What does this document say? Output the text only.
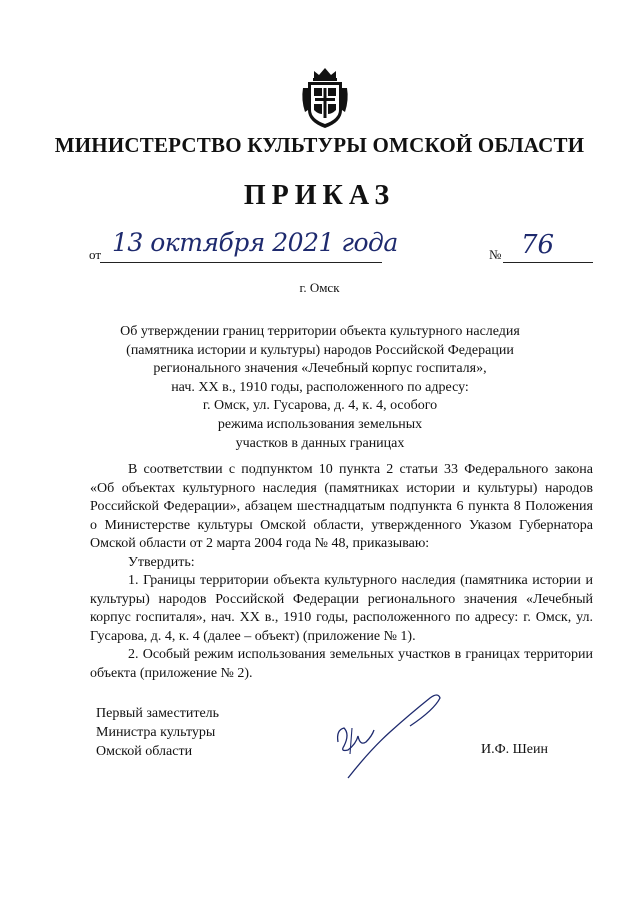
МИНИСТЕРСТВО КУЛЬТУРЫ ОМСКОЙ ОБЛАСТИ
ПРИКАЗ
от 13 октября 2021 года	№ 76
г. Омск
Об утверждении границ территории объекта культурного наследия
(памятника истории и культуры) народов Российской Федерации
регионального значения «Лечебный корпус госпиталя»,
нач. XX в., 1910 годы, расположенного по адресу:
г. Омск, ул. Гусарова, д. 4, к. 4, особого
режима использования земельных
участков в данных границах

В соответствии с подпунктом 10 пункта 2 статьи 33 Федерального закона «Об объектах культурного наследия (памятниках истории и культуры) народов Российской Федерации», абзацем шестнадцатым подпункта 6 пункта 8 Положения о Министерстве культуры Омской области, утвержденного Указом Губернатора Омской области от 2 марта 2004 года № 48, приказываю:

Утвердить:

1. Границы территории объекта культурного наследия (памятника истории и культуры) народов Российской Федерации регионального значения «Лечебный корпус госпиталя», нач. XX в., 1910 годы, расположенного по адресу: г. Омск, ул. Гусарова, д. 4, к. 4 (далее – объект) (приложение № 1).

2. Особый режим использования земельных участков в границах территории объекта (приложение № 2).

Первый заместитель
Министра культуры
Омской области	И.Ф. Шеин
